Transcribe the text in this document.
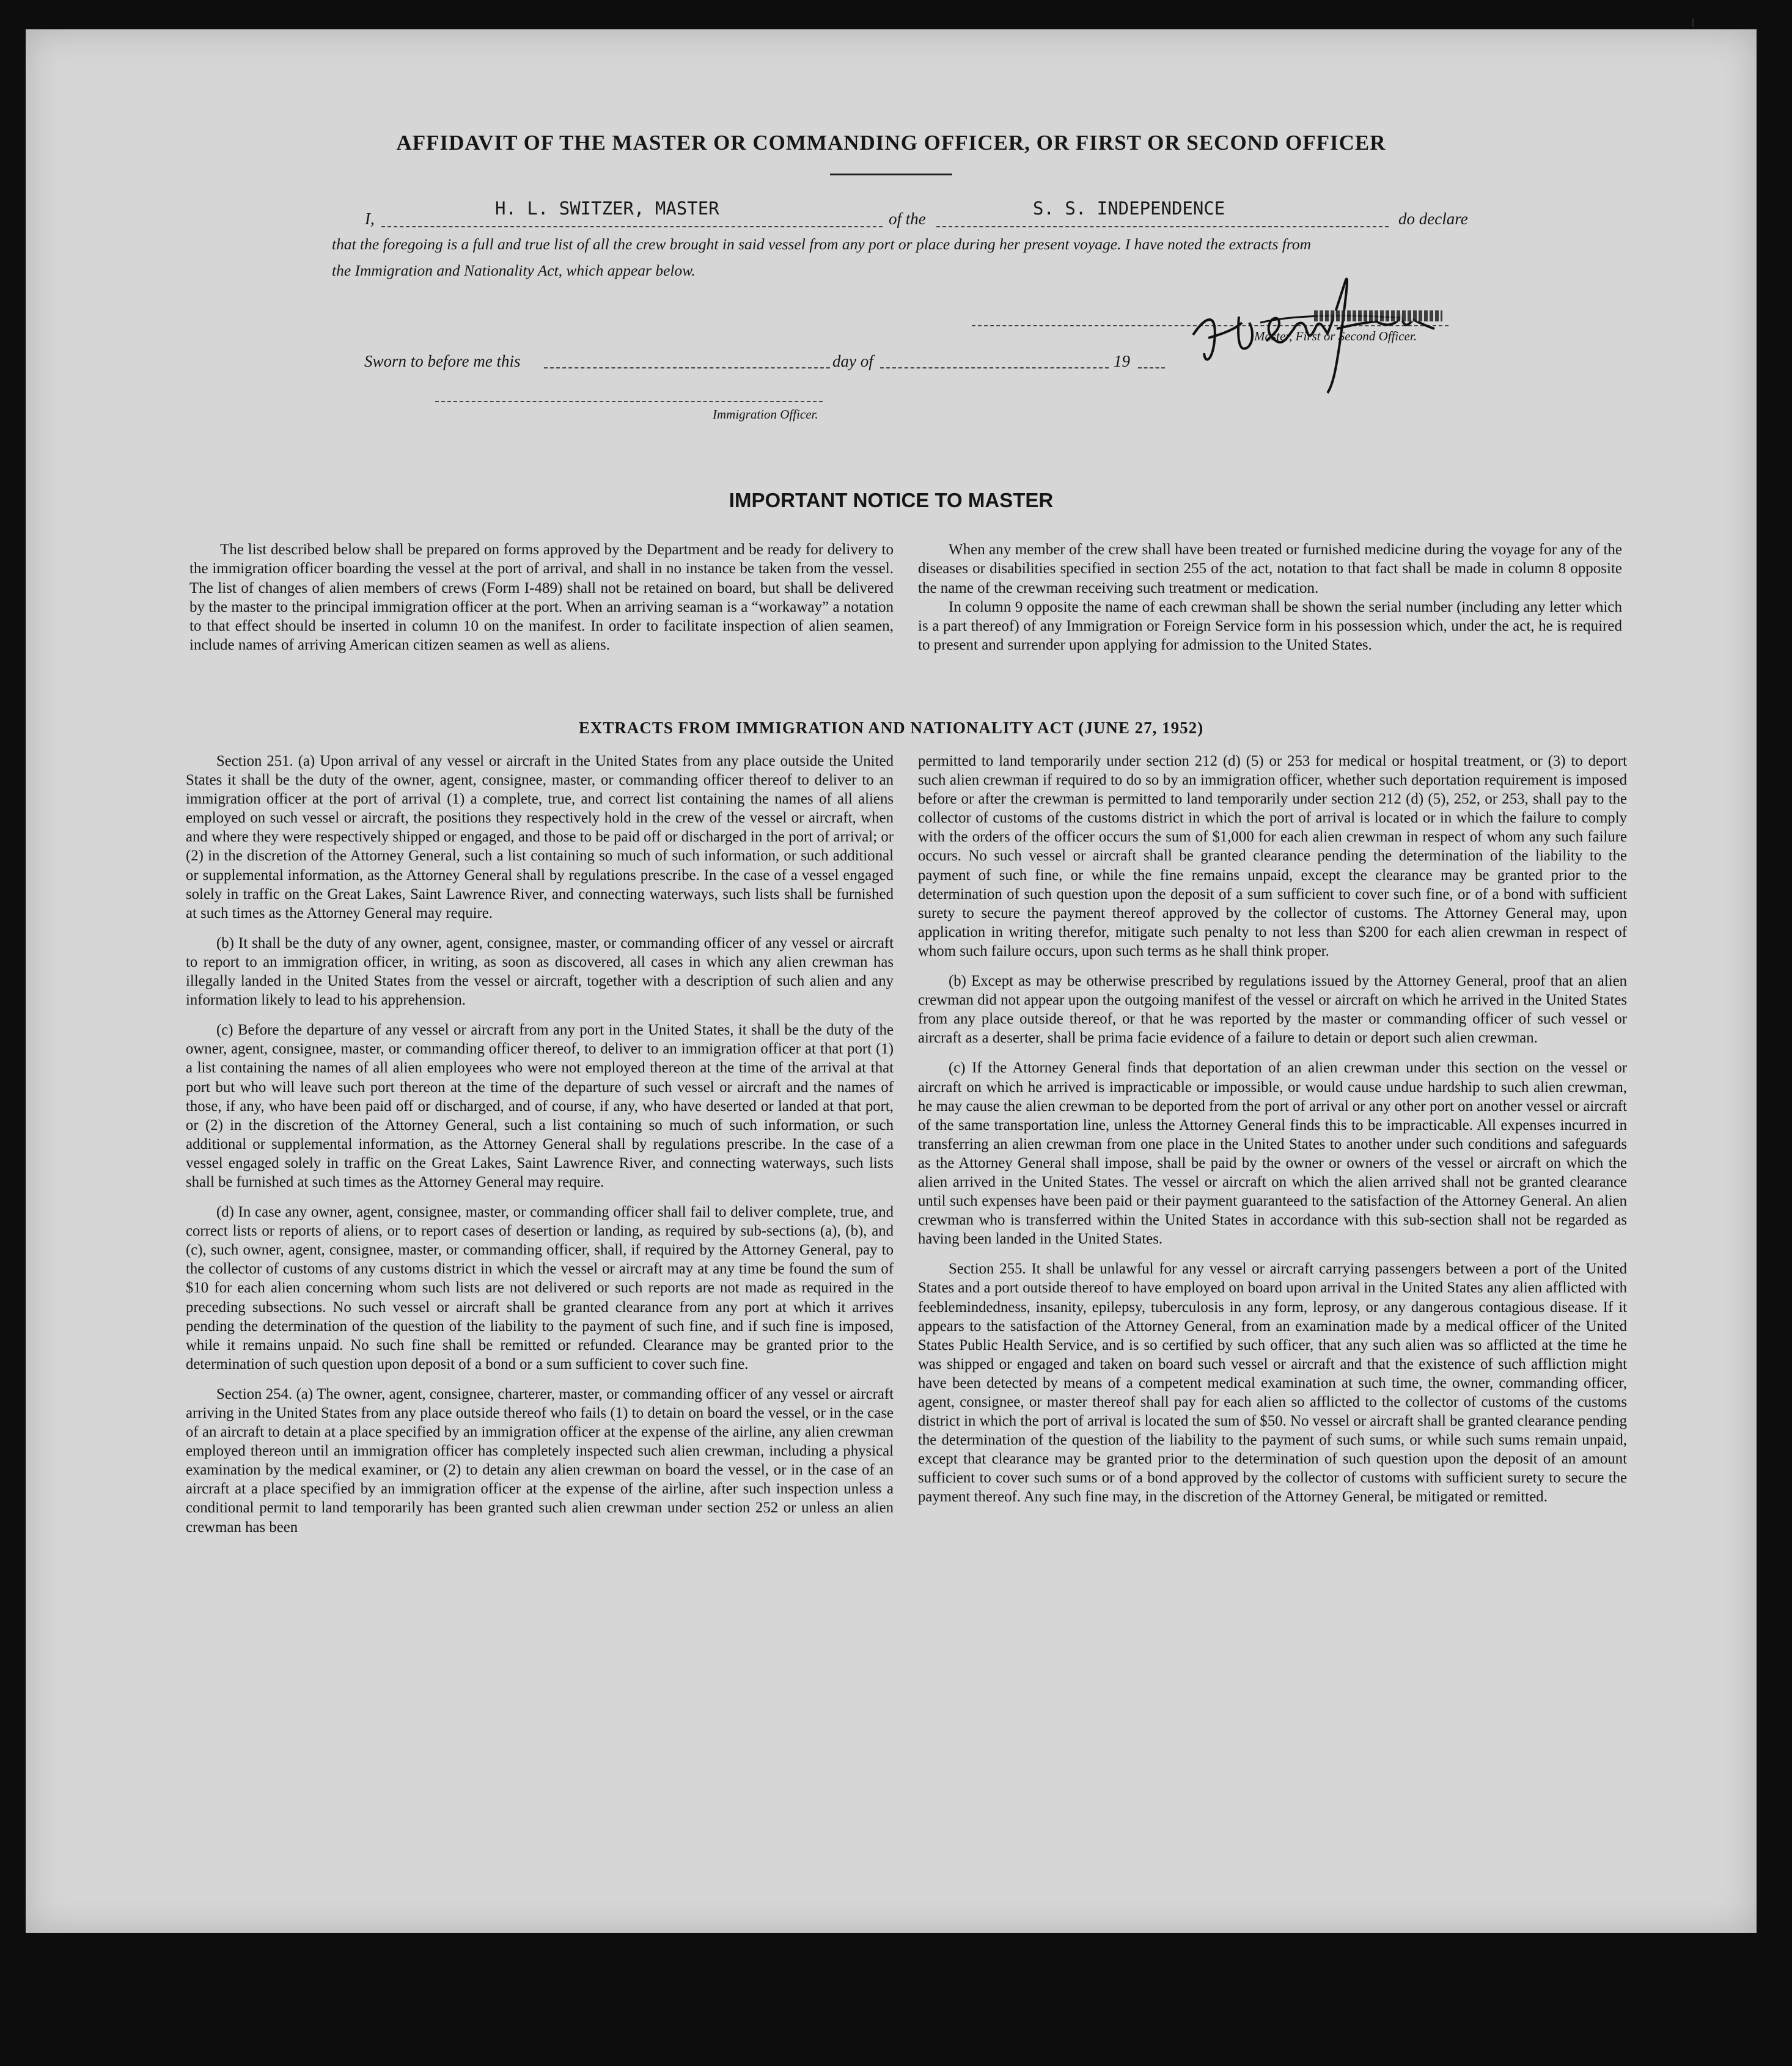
AFFIDAVIT OF THE MASTER OR COMMANDING OFFICER, OR FIRST OR SECOND OFFICER
I,	H. L. SWITZER, MASTER	of the	S. S. INDEPENDENCE	do declare
that the foregoing is a full and true list of all the crew brought in said vessel from any port or place during her present voyage. I have noted the extracts from
the Immigration and Nationality Act, which appear below.
Master, First or Second Officer.
Sworn to before me this	day of	19
Immigration Officer.
IMPORTANT NOTICE TO MASTER

The list described below shall be prepared on forms approved by the Department and be ready for delivery to the immigration officer boarding the vessel at the port of arrival, and shall in no instance be taken from the vessel. The list of changes of alien members of crews (Form I-489) shall not be retained on board, but shall be delivered by the master to the principal immigration officer at the port. When an arriving seaman is a “workaway” a notation to that effect should be inserted in column 10 on the manifest. In order to facilitate inspection of alien seamen, include names of arriving American citizen seamen as well as aliens.

When any member of the crew shall have been treated or furnished medicine during the voyage for any of the diseases or disabilities specified in section 255 of the act, notation to that fact shall be made in column 8 opposite the name of the crewman receiving such treatment or medication.

In column 9 opposite the name of each crewman shall be shown the serial number (including any letter which is a part thereof) of any Immigration or Foreign Service form in his possession which, under the act, he is required to present and surrender upon applying for admission to the United States.

EXTRACTS FROM IMMIGRATION AND NATIONALITY ACT (JUNE 27, 1952)

Section 251. (a) Upon arrival of any vessel or aircraft in the United States from any place outside the United States it shall be the duty of the owner, agent, consignee, master, or commanding officer thereof to deliver to an immigration officer at the port of arrival (1) a complete, true, and correct list containing the names of all aliens employed on such vessel or aircraft, the positions they respectively hold in the crew of the vessel or aircraft, when and where they were respectively shipped or engaged, and those to be paid off or discharged in the port of arrival; or (2) in the discretion of the Attorney General, such a list containing so much of such information, or such additional or supplemental information, as the Attorney General shall by regulations prescribe. In the case of a vessel engaged solely in traffic on the Great Lakes, Saint Lawrence River, and connecting waterways, such lists shall be furnished at such times as the Attorney General may require.

(b) It shall be the duty of any owner, agent, consignee, master, or commanding officer of any vessel or aircraft to report to an immigration officer, in writing, as soon as discovered, all cases in which any alien crewman has illegally landed in the United States from the vessel or aircraft, together with a description of such alien and any information likely to lead to his apprehension.

(c) Before the departure of any vessel or aircraft from any port in the United States, it shall be the duty of the owner, agent, consignee, master, or commanding officer thereof, to deliver to an immigration officer at that port (1) a list containing the names of all alien employees who were not employed thereon at the time of the arrival at that port but who will leave such port thereon at the time of the departure of such vessel or aircraft and the names of those, if any, who have been paid off or discharged, and of course, if any, who have deserted or landed at that port, or (2) in the discretion of the Attorney General, such a list containing so much of such information, or such additional or supplemental information, as the Attorney General shall by regulations prescribe. In the case of a vessel engaged solely in traffic on the Great Lakes, Saint Lawrence River, and connecting waterways, such lists shall be furnished at such times as the Attorney General may require.

(d) In case any owner, agent, consignee, master, or commanding officer shall fail to deliver complete, true, and correct lists or reports of aliens, or to report cases of desertion or landing, as required by sub-sections (a), (b), and (c), such owner, agent, consignee, master, or commanding officer, shall, if required by the Attorney General, pay to the collector of customs of any customs district in which the vessel or aircraft may at any time be found the sum of $10 for each alien concerning whom such lists are not delivered or such reports are not made as required in the preceding subsections. No such vessel or aircraft shall be granted clearance from any port at which it arrives pending the determination of the question of the liability to the payment of such fine, and if such fine is imposed, while it remains unpaid. No such fine shall be remitted or refunded. Clearance may be granted prior to the determination of such question upon deposit of a bond or a sum sufficient to cover such fine.

Section 254. (a) The owner, agent, consignee, charterer, master, or commanding officer of any vessel or aircraft arriving in the United States from any place outside thereof who fails (1) to detain on board the vessel, or in the case of an aircraft to detain at a place specified by an immigration officer at the expense of the airline, any alien crewman employed thereon until an immigration officer has completely inspected such alien crewman, including a physical examination by the medical examiner, or (2) to detain any alien crewman on board the vessel, or in the case of an aircraft at a place specified by an immigration officer at the expense of the airline, after such inspection unless a conditional permit to land temporarily has been granted such alien crewman under section 252 or unless an alien crewman has been

permitted to land temporarily under section 212 (d) (5) or 253 for medical or hospital treatment, or (3) to deport such alien crewman if required to do so by an immigration officer, whether such deportation requirement is imposed before or after the crewman is permitted to land temporarily under section 212 (d) (5), 252, or 253, shall pay to the collector of customs of the customs district in which the port of arrival is located or in which the failure to comply with the orders of the officer occurs the sum of $1,000 for each alien crewman in respect of whom any such failure occurs. No such vessel or aircraft shall be granted clearance pending the determination of the liability to the payment of such fine, or while the fine remains unpaid, except the clearance may be granted prior to the determination of such question upon the deposit of a sum sufficient to cover such fine, or of a bond with sufficient surety to secure the payment thereof approved by the collector of customs. The Attorney General may, upon application in writing therefor, mitigate such penalty to not less than $200 for each alien crewman in respect of whom such failure occurs, upon such terms as he shall think proper.

(b) Except as may be otherwise prescribed by regulations issued by the Attorney General, proof that an alien crewman did not appear upon the outgoing manifest of the vessel or aircraft on which he arrived in the United States from any place outside thereof, or that he was reported by the master or commanding officer of such vessel or aircraft as a deserter, shall be prima facie evidence of a failure to detain or deport such alien crewman.

(c) If the Attorney General finds that deportation of an alien crewman under this section on the vessel or aircraft on which he arrived is impracticable or impossible, or would cause undue hardship to such alien crewman, he may cause the alien crewman to be deported from the port of arrival or any other port on another vessel or aircraft of the same transportation line, unless the Attorney General finds this to be impracticable. All expenses incurred in transferring an alien crewman from one place in the United States to another under such conditions and safeguards as the Attorney General shall impose, shall be paid by the owner or owners of the vessel or aircraft on which the alien arrived in the United States. The vessel or aircraft on which the alien arrived shall not be granted clearance until such expenses have been paid or their payment guaranteed to the satisfaction of the Attorney General. An alien crewman who is transferred within the United States in accordance with this sub-section shall not be regarded as having been landed in the United States.

Section 255. It shall be unlawful for any vessel or aircraft carrying passengers between a port of the United States and a port outside thereof to have employed on board upon arrival in the United States any alien afflicted with feeblemindedness, insanity, epilepsy, tuberculosis in any form, leprosy, or any dangerous contagious disease. If it appears to the satisfaction of the Attorney General, from an examination made by a medical officer of the United States Public Health Service, and is so certified by such officer, that any such alien was so afflicted at the time he was shipped or engaged and taken on board such vessel or aircraft and that the existence of such affliction might have been detected by means of a competent medical examination at such time, the owner, commanding officer, agent, consignee, or master thereof shall pay for each alien so afflicted to the collector of customs of the customs district in which the port of arrival is located the sum of $50. No vessel or aircraft shall be granted clearance pending the determination of the question of the liability to the payment of such sums, or while such sums remain unpaid, except that clearance may be granted prior to the determination of such question upon the deposit of an amount sufficient to cover such sums or of a bond approved by the collector of customs with sufficient surety to secure the payment thereof. Any such fine may, in the discretion of the Attorney General, be mitigated or remitted.
